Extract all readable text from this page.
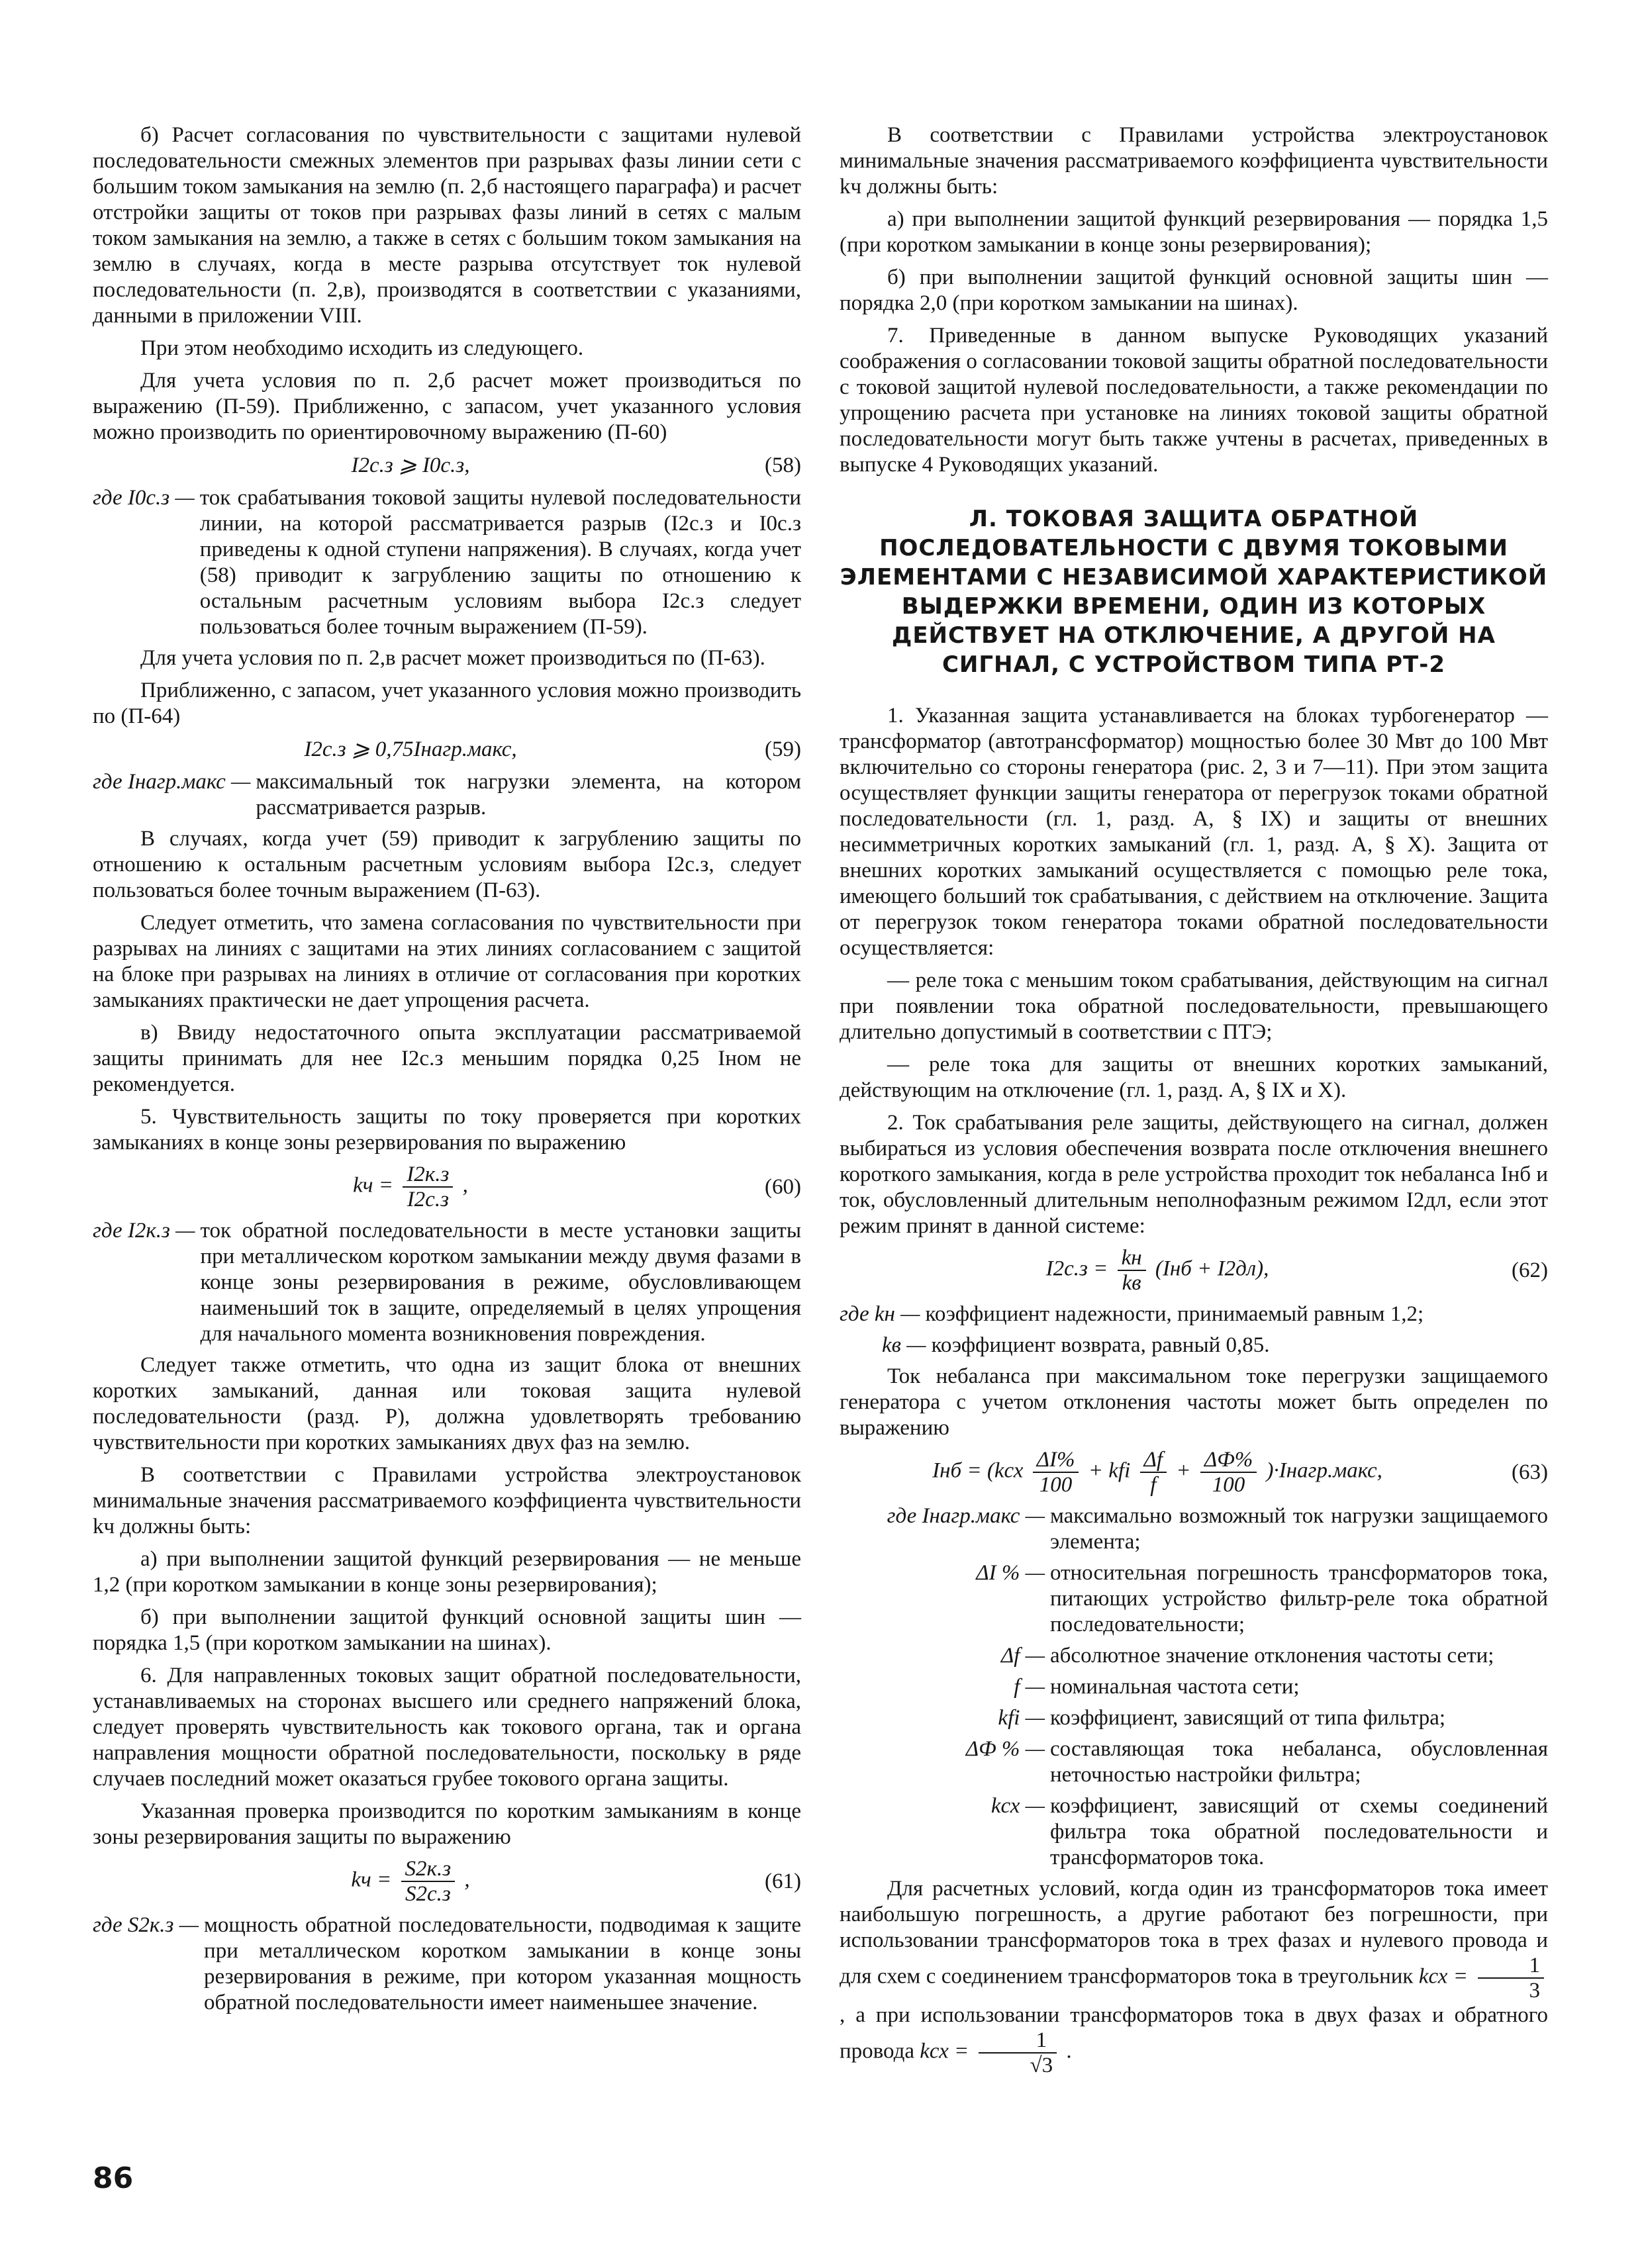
б) Расчет согласования по чувствительности с защитами нулевой последовательности смежных элементов при разрывах фазы линии сети с большим током замыкания на землю (п. 2,б настоящего параграфа) и расчет отстройки защиты от токов при разрывах фазы линий в сетях с малым током замыкания на землю, а также в сетях с большим током замыкания на землю в случаях, когда в месте разрыва отсутствует ток нулевой последовательности (п. 2,в), производятся в соответствии с указаниями, данными в приложении VIII.

При этом необходимо исходить из следующего.

Для учета условия по п. 2,б расчет может производиться по выражению (П-59). Приближенно, с запасом, учет указанного условия можно производить по ориентировочному выражению (П-60)

I2с.з ⩾ I0с.з,	(58)
где I0с.з — ток срабатывания токовой защиты нулевой последовательности линии, на которой рассматривается разрыв (I2с.з и I0с.з приведены к одной ступени напряжения). В случаях, когда учет (58) приводит к загрублению защиты по отношению к остальным расчетным условиям выбора I2с.з следует пользоваться более точным выражением (П-59).

Для учета условия по п. 2,в расчет может производиться по (П-63).

Приближенно, с запасом, учет указанного условия можно производить по (П-64)

I2с.з ⩾ 0,75Iнагр.макс,	(59)
где Iнагр.макс — максимальный ток нагрузки элемента, на котором рассматривается разрыв.

В случаях, когда учет (59) приводит к загрублению защиты по отношению к остальным расчетным условиям выбора I2с.з, следует пользоваться более точным выражением (П-63).

Следует отметить, что замена согласования по чувствительности при разрывах на линиях с защитами на этих линиях согласованием с защитой на блоке при разрывах на линиях в отличие от согласования при коротких замыканиях практически не дает упрощения расчета.

в) Ввиду недостаточного опыта эксплуатации рассматриваемой защиты принимать для нее I2с.з меньшим порядка 0,25 Iном не рекомендуется.

5. Чувствительность защиты по току проверяется при коротких замыканиях в конце зоны резервирования по выражению

kч = $\frac{I2к.з}{I2с.з}$ ,	(60)
где I2к.з — ток обратной последовательности в месте установки защиты при металлическом коротком замыкании между двумя фазами в конце зоны резервирования в режиме, обусловливающем наименьший ток в защите, определяемый в целях упрощения для начального момента возникновения повреждения.

Следует также отметить, что одна из защит блока от внешних коротких замыканий, данная или токовая защита нулевой последовательности (разд. Р), должна удовлетворять требованию чувствительности при коротких замыканиях двух фаз на землю.

В соответствии с Правилами устройства электроустановок минимальные значения рассматриваемого коэффициента чувствительности kч должны быть:

а) при выполнении защитой функций резервирования — не меньше 1,2 (при коротком замыкании в конце зоны резервирования);

б) при выполнении защитой функций основной защиты шин — порядка 1,5 (при коротком замыкании на шинах).

6. Для направленных токовых защит обратной последовательности, устанавливаемых на сторонах высшего или среднего напряжений блока, следует проверять чувствительность как токового органа, так и органа направления мощности обратной последовательности, поскольку в ряде случаев последний может оказаться грубее токового органа защиты.

Указанная проверка производится по коротким замыканиям в конце зоны резервирования защиты по выражению

kч = $\frac{S2к.з}{S2с.з}$ ,	(61)
где S2к.з — мощность обратной последовательности, подводимая к защите при металлическом коротком замыкании в конце зоны резервирования в режиме, при котором указанная мощность обратной последовательности имеет наименьшее значение.

В соответствии с Правилами устройства электроустановок минимальные значения рассматриваемого коэффициента чувствительности kч должны быть:

а) при выполнении защитой функций резервирования — порядка 1,5 (при коротком замыкании в конце зоны резервирования);

б) при выполнении защитой функций основной защиты шин — порядка 2,0 (при коротком замыкании на шинах).

7. Приведенные в данном выпуске Руководящих указаний соображения о согласовании токовой защиты обратной последовательности с токовой защитой нулевой последовательности, а также рекомендации по упрощению расчета при установке на линиях токовой защиты обратной последовательности могут быть также учтены в расчетах, приведенных в выпуске 4 Руководящих указаний.

Л. ТОКОВАЯ ЗАЩИТА ОБРАТНОЙ ПОСЛЕДОВАТЕЛЬНОСТИ С ДВУМЯ ТОКОВЫМИ ЭЛЕМЕНТАМИ С НЕЗАВИСИМОЙ ХАРАКТЕРИСТИКОЙ ВЫДЕРЖКИ ВРЕМЕНИ, ОДИН ИЗ КОТОРЫХ ДЕЙСТВУЕТ НА ОТКЛЮЧЕНИЕ, А ДРУГОЙ НА СИГНАЛ, С УСТРОЙСТВОМ ТИПА РТ-2

1. Указанная защита устанавливается на блоках турбогенератор — трансформатор (автотрансформатор) мощностью более 30 Мвт до 100 Мвт включительно со стороны генератора (рис. 2, 3 и 7—11). При этом защита осуществляет функции защиты генератора от перегрузок токами обратной последовательности (гл. 1, разд. А, § IX) и защиты от внешних несимметричных коротких замыканий (гл. 1, разд. А, § X). Защита от внешних коротких замыканий осуществляется с помощью реле тока, имеющего больший ток срабатывания, с действием на отключение. Защита от перегрузок током генератора токами обратной последовательности осуществляется:

— реле тока с меньшим током срабатывания, действующим на сигнал при появлении тока обратной последовательности, превышающего длительно допустимый в соответствии с ПТЭ;

— реле тока для защиты от внешних коротких замыканий, действующим на отключение (гл. 1, разд. А, § IX и X).

2. Ток срабатывания реле защиты, действующего на сигнал, должен выбираться из условия обеспечения возврата после отключения внешнего короткого замыкания, когда в реле устройства проходит ток небаланса Iнб и ток, обусловленный длительным неполнофазным режимом I2дл, если этот режим принят в данной системе:

$I2с.з = \frac{kн}{kв} (Iнб + I2дл)$,	(62)
где kн — коэффициент надежности, принимаемый равным 1,2;
kв — коэффициент возврата, равный 0,85.

Ток небаланса при максимальном токе перегрузки защищаемого генератора с учетом отклонения частоты может быть определен по выражению

Iнб = ($kсх \frac{\Delta I\%}{100}$ + kfi $\frac{\Delta f}{f} + \frac{\Delta Ф\%}{100}$ )·Iнагр.макс,	(63)
где Iнагр.макс — максимально возможный ток нагрузки защищаемого элемента;
ΔI % — относительная погрешность трансформаторов тока, питающих устройство фильтр-реле тока обратной последовательности;
Δf — абсолютное значение отклонения частоты сети;
f — номинальная частота сети;
kfi — коэффициент, зависящий от типа фильтра;
ΔФ % — составляющая тока небаланса, обусловленная неточностью настройки фильтра;
kсх — коэффициент, зависящий от схемы соединений фильтра тока обратной последовательности и трансформаторов тока.

Для расчетных условий, когда один из трансформаторов тока имеет наибольшую погрешность, а другие работают без погрешности, при использовании трансформаторов тока в трех фазах и нулевого провода и для схем с соединением трансформаторов тока в треугольник kсх = $\frac{1}{3}$
, а при использовании трансформаторов тока в двух фазах и обратного провода kсх = $\frac{1}{√3}$ .

86
